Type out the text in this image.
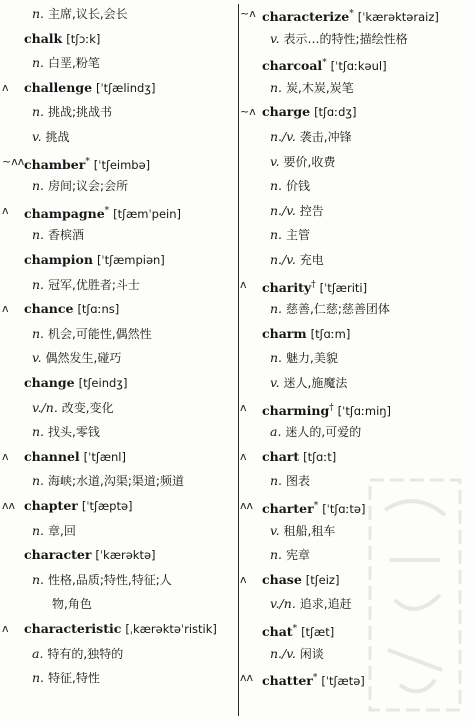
n. 主席,议长,会长
chalk [tʃɔːk]
n. 白垩,粉笔
ʌ challenge [ˈtʃælindʒ]
n. 挑战;挑战书
v. 挑战
~ʌʌ chamber* [ˈtʃeimbə]
n. 房间;议会;会所
ʌ champagne* [tʃæmˈpein]
n. 香槟酒
champion [ˈtʃæmpiən]
n. 冠军,优胜者;斗士
ʌ chance [tʃɑːns]
n. 机会,可能性,偶然性
v. 偶然发生,碰巧
change [tʃeindʒ]
v./n. 改变,变化
n. 找头,零钱
ʌ channel [ˈtʃænl]
n. 海峡;水道,沟渠;渠道;频道
ʌʌ chapter [ˈtʃæptə]
n. 章,回
character [ˈkærəktə]
n. 性格,品质;特性,特征;人
物,角色
ʌ characteristic [ˌkærəktəˈristik]
a. 特有的,独特的
n. 特征,特性
~ʌ characterize* [ˈkærəktəraiz]
v. 表示…的特性;描绘性格
charcoal* [ˈtʃɑːkəul]
n. 炭,木炭,炭笔
~ʌ charge [tʃɑːdʒ]
n./v. 袭击,冲锋
v. 要价,收费
n. 价钱
n./v. 控告
n. 主管
n./v. 充电
ʌ charity† [ˈtʃæriti]
n. 慈善,仁慈;慈善团体
charm [tʃɑːm]
n. 魅力,美貌
v. 迷人,施魔法
ʌ charming† [ˈtʃɑːmiŋ]
a. 迷人的,可爱的
ʌ chart [tʃɑːt]
n. 图表
ʌʌ charter* [ˈtʃɑːtə]
v. 租船,租车
n. 宪章
ʌ chase [tʃeiz]
v./n. 追求,追赶
chat* [tʃæt]
n./v. 闲谈
ʌʌ chatter* [ˈtʃætə]
